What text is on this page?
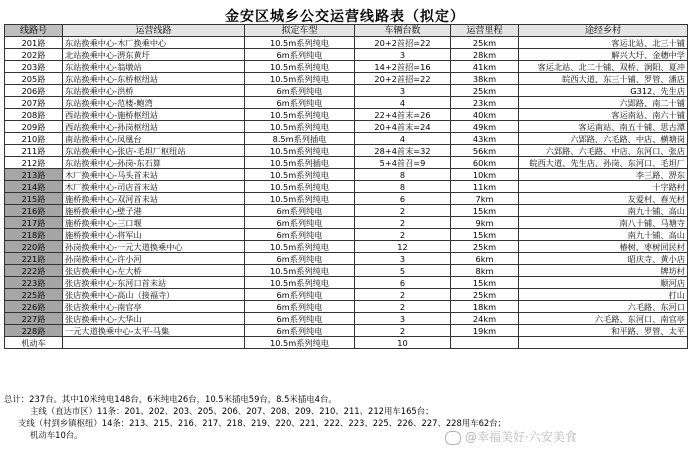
金安区城乡公交运营线路表（拟定）
线路号	运营线路	拟定车型	车辆台数	运营里程	途经乡村
201路	东站换乘中心-木厂换乘中心	10.5m系列纯电	20+2首招=22	25km	客运北站、北三十铺
202路	北站换乘中心-淠东黄圩	6m系列纯电	3	28km	解兴大圩、金穗中学
203路	东站换乘中心-翁墩站	10.5m系列纯电	14+2首招=16	41km	客运北站、北二十铺、双桥、涧阳、夏冲
205路	东站换乘中心-东桥枢纽站	10.5m系列纯电	20+2首招=22	38km	皖西大道、东三十铺、罗管、潘店
206路	东站换乘中心-洪桥	6m系列纯电	3	25km	G312、先生店
207路	东站换乘中心-范楼-鲍湾	6m系列纯电	4	23km	六郢路、南二十铺
208路	西站换乘中心-施桥枢纽站	10.5m系列纯电	22+4首末=26	40km	客运南站、南六十铺
209路	西站换乘中心-孙岗枢纽站	10.5m系列纯电	20+4首末=24	49km	客运南站、南五十铺、思古潭
210路	南站换乘中心-凤凰台	8.5m系列插电	4	43km	六郢路、六毛路、中店、横塘岗
211路	东站换乘中心-张店-毛坦厂枢纽站	10.5m系列纯电	28+4首末=32	56km	六郢路、六毛路、中店、东河口、张店
212路	东站换乘中心-孙岗-东石算	10.5m系列插电	5+4首召=9	60km	皖西大道、先生店、孙岗、东河口、毛坦厂
213路	木厂换乘中心-马头首末站	10.5m系列纯电	8	10km	李三路、淠东
214路	木厂换乘中心-司店首末站	10.5m系列纯电	8	11km	十字路村
215路	施桥换乘中心-双河首末站	10.5m系列纯电	6	7km	友爱村、春光村
216路	施桥换乘中心-壁子港	6m系列纯电	2	15km	南九十铺、高山
217路	施桥换乘中心-三口堰	6m系列纯电	2	9km	南八十铺、马塘寺
218路	施桥换乘中心-将军山	6m系列纯电	2	15km	南九十铺、高山
220路	孙岗换乘中心-一元大道换乘中心	10.5m系列纯电	12	25km	椿树、枣树回民村
221路	孙岗换乘中心-许小河	6m系列纯电	3	6km	昭庆寺、黄小店
222路	张店换乘中心-左大桥	10.5m系列纯电	5	8km	牌坊村
223路	张店换乘中心-东河口首末站	10.5m系列纯电	6	15km	顺河店
225路	张店换乘中心-高山（接福寺）	6m系列纯电	2	25km	打山
226路	张店换乘中心-南官亭	6m系列纯电	2	18km	六毛路、东河口
227路	张店换乘中心-大华山	6m系列纯电	3	24km	六毛路、东河口、南官亭
228路	一元大道换乘中心-太平-马集	6m系列纯电	2	19km	和平路、罗管、太平
机动车		10.5m系列纯电	10		
总计：237台。其中10米纯电148台，6米纯电26台，10.5米插电59台，8.5米插电4台。
主线（直达市区）11条：201、202、203、205、206、207、208、209、210、211、212用车165台；
支线（村到乡镇枢纽）14条：213、215、216、217、218、219、220、221、222、223、225、226、227、228用车62台；
机动车10台。	@幸福美好·六安美食
